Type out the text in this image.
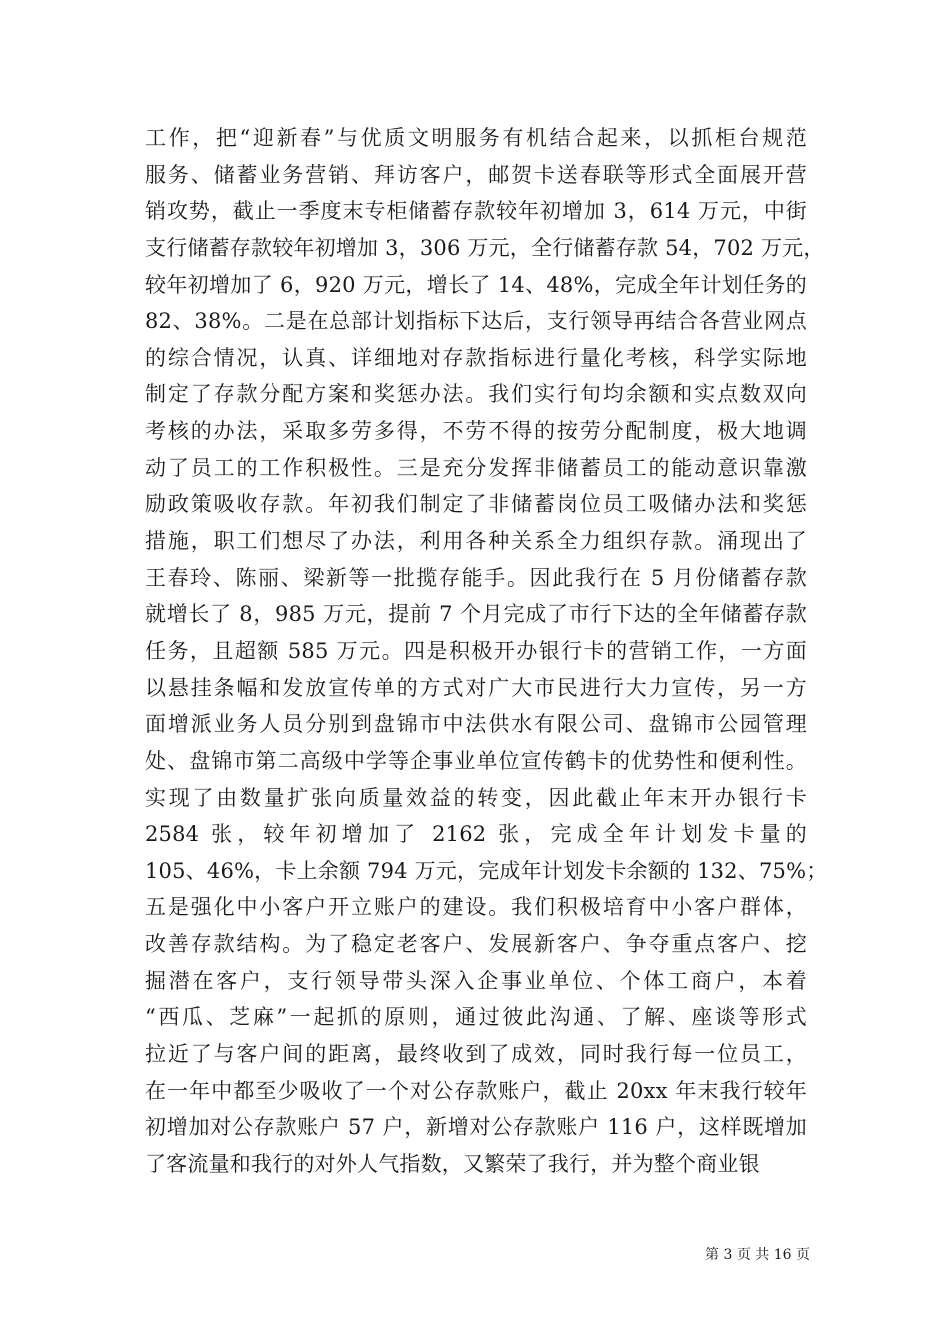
工作，把“迎新春”与优质文明服务有机结合起来，以抓柜台规范
服务、储蓄业务营销、拜访客户，邮贺卡送春联等形式全面展开营
销攻势，截止一季度末专柜储蓄存款较年初增加 3，614 万元，中街
支行储蓄存款较年初增加 3，306 万元，全行储蓄存款 54，702 万元，
较年初增加了 6，920 万元，增长了 14、48%，完成全年计划任务的
82、38%。二是在总部计划指标下达后，支行领导再结合各营业网点
的综合情况，认真、详细地对存款指标进行量化考核，科学实际地
制定了存款分配方案和奖惩办法。我们实行旬均余额和实点数双向
考核的办法，采取多劳多得，不劳不得的按劳分配制度，极大地调
动了员工的工作积极性。三是充分发挥非储蓄员工的能动意识靠激
励政策吸收存款。年初我们制定了非储蓄岗位员工吸储办法和奖惩
措施，职工们想尽了办法，利用各种关系全力组织存款。涌现出了
王春玲、陈丽、梁新等一批揽存能手。因此我行在 5 月份储蓄存款
就增长了 8，985 万元，提前 7 个月完成了市行下达的全年储蓄存款
任务，且超额 585 万元。四是积极开办银行卡的营销工作，一方面
以悬挂条幅和发放宣传单的方式对广大市民进行大力宣传，另一方
面增派业务人员分别到盘锦市中法供水有限公司、盘锦市公园管理
处、盘锦市第二高级中学等企事业单位宣传鹤卡的优势性和便利性。
实现了由数量扩张向质量效益的转变，因此截止年末开办银行卡
2584 张，较年初增加了 2162 张，完成全年计划发卡量的
105、46%，卡上余额 794 万元，完成年计划发卡余额的 132、75%；
五是强化中小客户开立账户的建设。我们积极培育中小客户群体，
改善存款结构。为了稳定老客户、发展新客户、争夺重点客户、挖
掘潜在客户，支行领导带头深入企事业单位、个体工商户，本着
“西瓜、芝麻”一起抓的原则，通过彼此沟通、了解、座谈等形式
拉近了与客户间的距离，最终收到了成效，同时我行每一位员工，
在一年中都至少吸收了一个对公存款账户，截止 20xx 年末我行较年
初增加对公存款账户 57 户，新增对公存款账户 116 户，这样既增加
了客流量和我行的对外人气指数，又繁荣了我行，并为整个商业银
第 3 页 共 16 页
